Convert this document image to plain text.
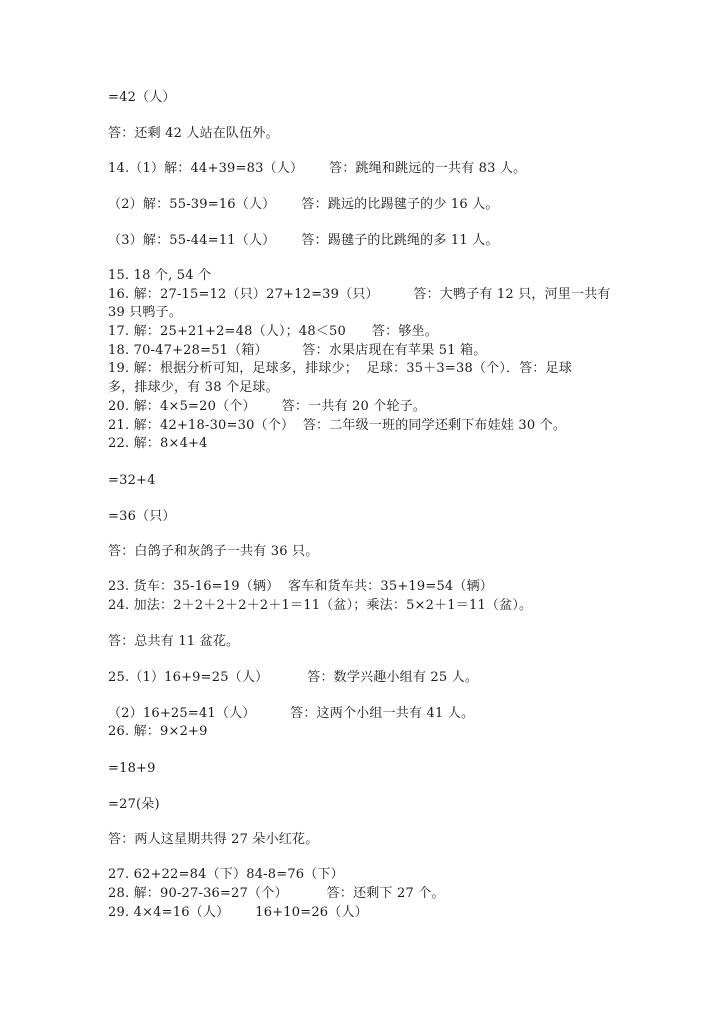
=42（人）
答：还剩 42 人站在队伍外。
14.（1）解：44+39=83（人）      答：跳绳和跳远的一共有 83 人。
（2）解：55-39=16（人）      答：跳远的比踢毽子的少 16 人。
（3）解：55-44=11（人）      答：踢毽子的比跳绳的多 11 人。
15. 18 个, 54 个
16. 解：27-15=12（只）27+12=39（只）        答：大鸭子有 12 只，河里一共有
39 只鸭子。
17. 解：25+21+2=48（人）；48＜50      答：够坐。
18. 70-47+28=51（箱）        答：水果店现在有苹果 51 箱。
19. 解：根据分析可知，足球多，排球少；  足球：35＋3=38（个）．答：足球
多，排球少，有 38 个足球。
20. 解：4×5=20（个）      答：一共有 20 个轮子。
21. 解：42+18-30=30（个）  答：二年级一班的同学还剩下布娃娃 30 个。
22. 解：8×4+4
=32+4
=36（只）
答：白鸽子和灰鸽子一共有 36 只。
23. 货车：35-16=19（辆）  客车和货车共：35+19=54（辆）
24. 加法：2＋2＋2＋2＋2＋1＝11（盆）；乘法：5×2＋1＝11（盆）。
答：总共有 11 盆花。
25.（1）16+9=25（人）         答：数学兴趣小组有 25 人。
（2）16+25=41（人）        答：这两个小组一共有 41 人。
26. 解：9×2+9
=18+9
=27(朵)
答：两人这星期共得 27 朵小红花。
27. 62+22=84（下）84-8=76（下）
28. 解：90-27-36=27（个）         答：还剩下 27 个。
29. 4×4=16（人）      16+10=26（人）
